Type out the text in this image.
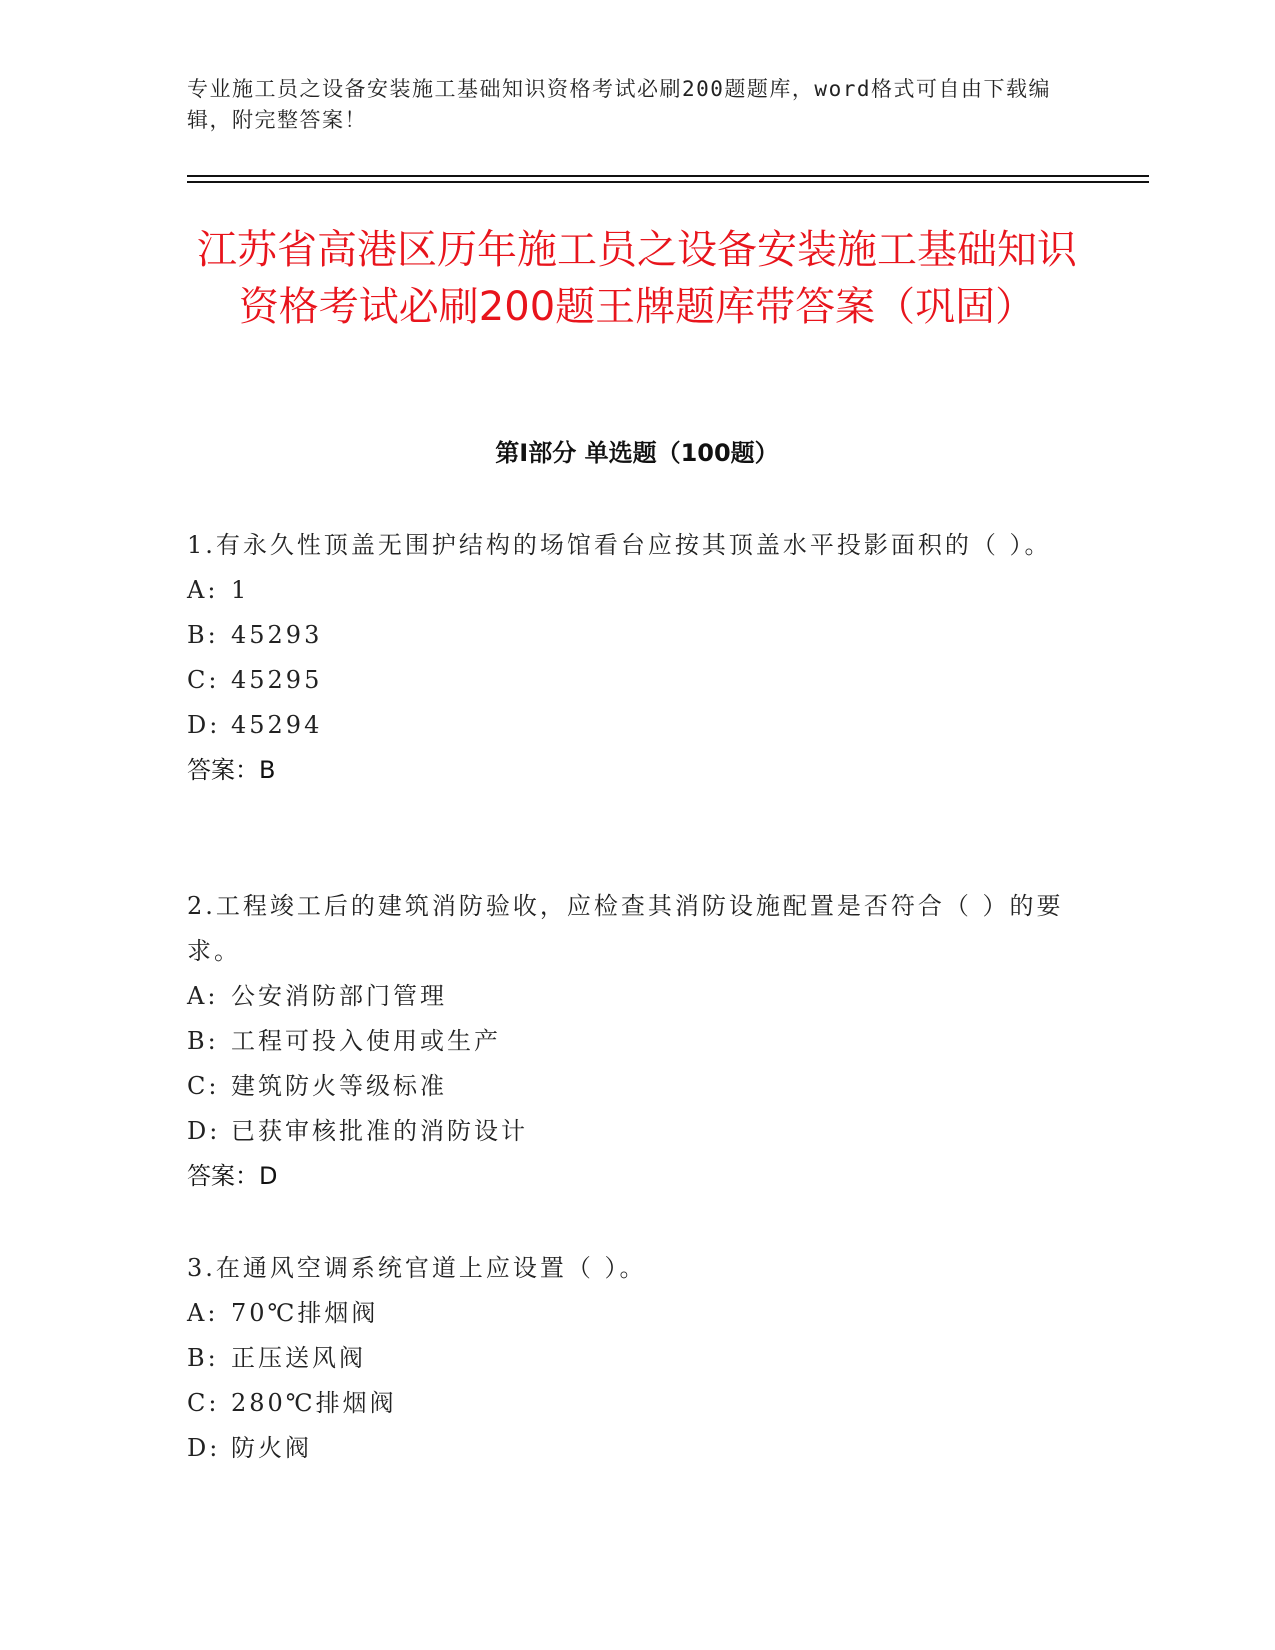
专业施工员之设备安装施工基础知识资格考试必刷200题题库，word格式可自由下载编辑，附完整答案！
江苏省高港区历年施工员之设备安装施工基础知识资格考试必刷200题王牌题库带答案（巩固）
第Ⅰ部分 单选题（100题）

1.有永久性顶盖无围护结构的场馆看台应按其顶盖水平投影面积的（ ）。

A: 1
B: 45293
C: 45295
D: 45294
答案：B

2.工程竣工后的建筑消防验收，应检查其消防设施配置是否符合（ ）的要求。

A: 公安消防部门管理
B: 工程可投入使用或生产
C: 建筑防火等级标准
D: 已获审核批准的消防设计
答案：D

3.在通风空调系统官道上应设置（ ）。

A: 70℃排烟阀
B: 正压送风阀
C: 280℃排烟阀
D: 防火阀
